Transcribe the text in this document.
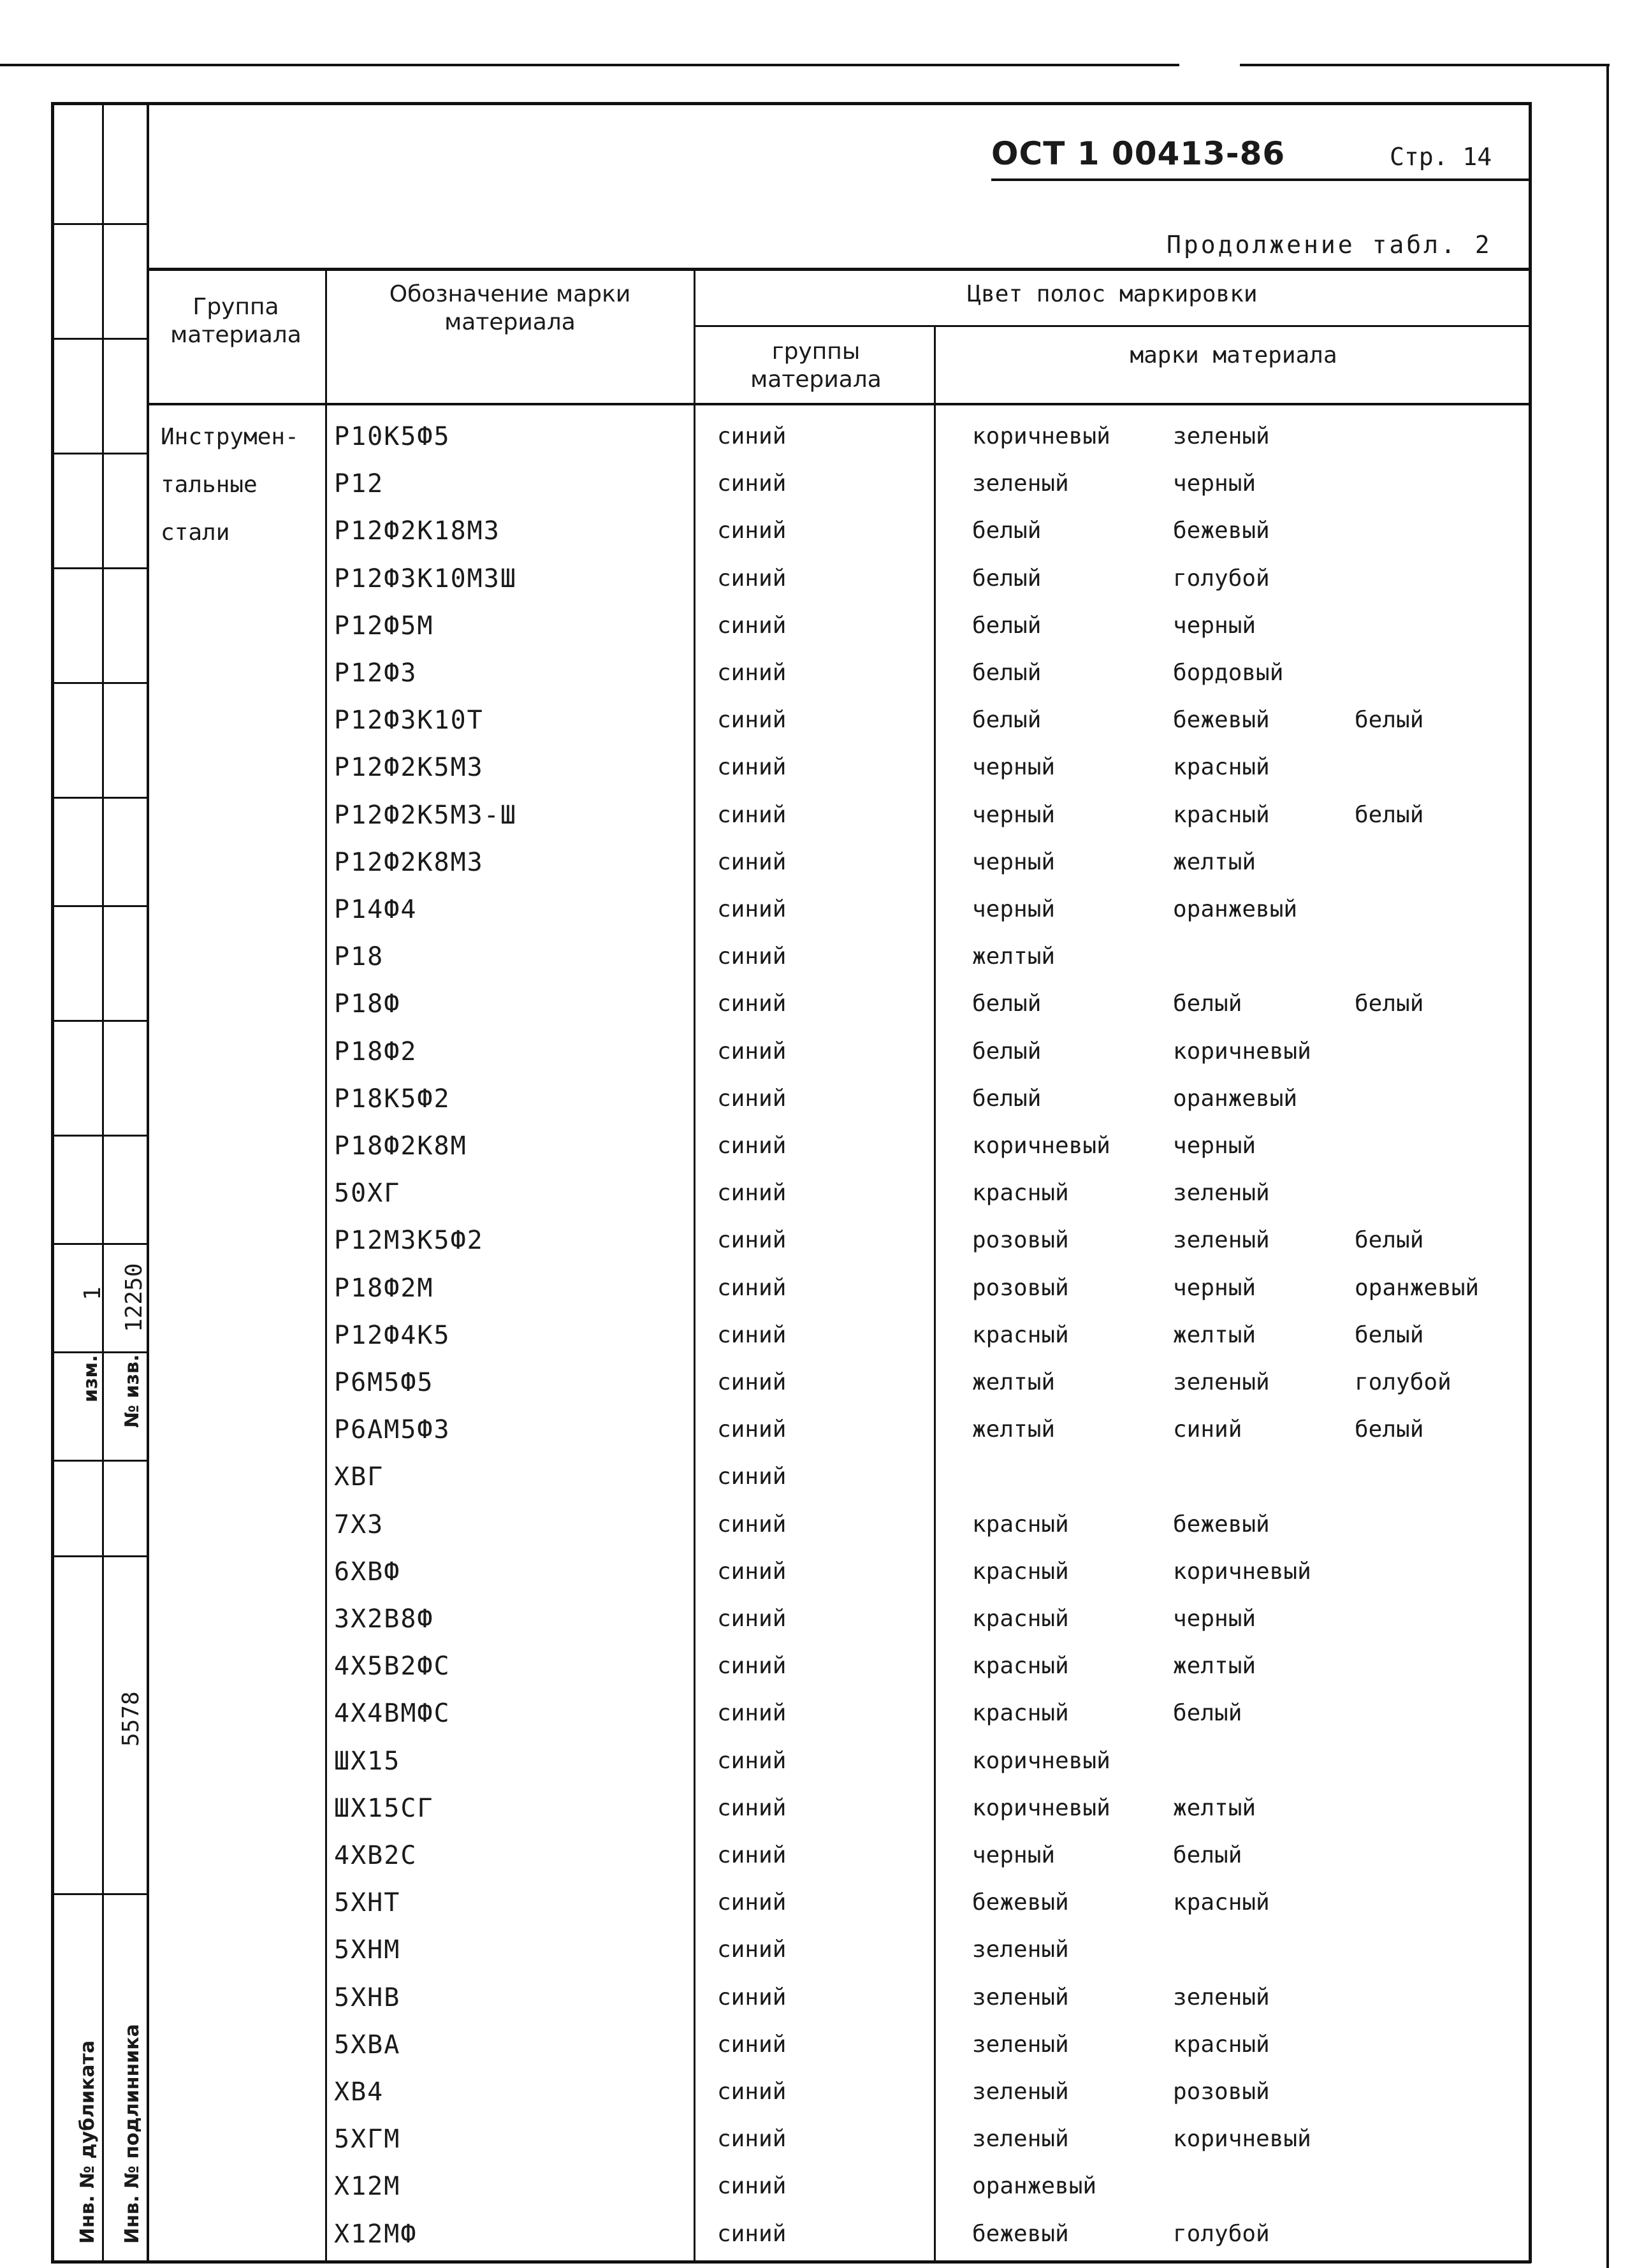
1 12250
изм. № изв.
5578
Инв. № дубликата Инв. № подлинника
ОСТ 1 00413-86	Стр. 14
Продолжение табл. 2
Группа материала
Обозначение марки материала
Цвет полос маркировки
группы материала
марки материала
Инструмен-
тальные
стали
Р10К5Ф5	синий	коричневый	зеленый
Р12	синий	зеленый	черный
Р12Ф2К18М3	синий	белый	бежевый
Р12Ф3К10М3Ш	синий	белый	голубой
Р12Ф5М	синий	белый	черный
Р12Ф3	синий	белый	бордовый
Р12Ф3К10Т	синий	белый	бежевый	белый
Р12Ф2К5М3	синий	черный	красный
Р12Ф2К5М3-Ш	синий	черный	красный	белый
Р12Ф2К8М3	синий	черный	желтый
Р14Ф4	синий	черный	оранжевый
Р18	синий	желтый
Р18Ф	синий	белый	белый	белый
Р18Ф2	синий	белый	коричневый
Р18К5Ф2	синий	белый	оранжевый
Р18Ф2К8М	синий	коричневый	черный
50ХГ	синий	красный	зеленый
Р12М3К5Ф2	синий	розовый	зеленый	белый
Р18Ф2М	синий	розовый	черный	оранжевый
Р12Ф4К5	синий	красный	желтый	белый
Р6М5Ф5	синий	желтый	зеленый	голубой
Р6АМ5Ф3	синий	желтый	синий	белый
ХВГ	синий
7Х3	синий	красный	бежевый
6ХВФ	синий	красный	коричневый
3Х2В8Ф	синий	красный	черный
4Х5В2ФС	синий	красный	желтый
4Х4ВМФС	синий	красный	белый
ШХ15	синий	коричневый
ШХ15СГ	синий	коричневый	желтый
4ХВ2С	синий	черный	белый
5ХНТ	синий	бежевый	красный
5ХНМ	синий	зеленый
5ХНВ	синий	зеленый	зеленый
5ХВА	синий	зеленый	красный
ХВ4	синий	зеленый	розовый
5ХГМ	синий	зеленый	коричневый
Х12М	синий	оранжевый
Х12МФ	синий	бежевый	голубой
